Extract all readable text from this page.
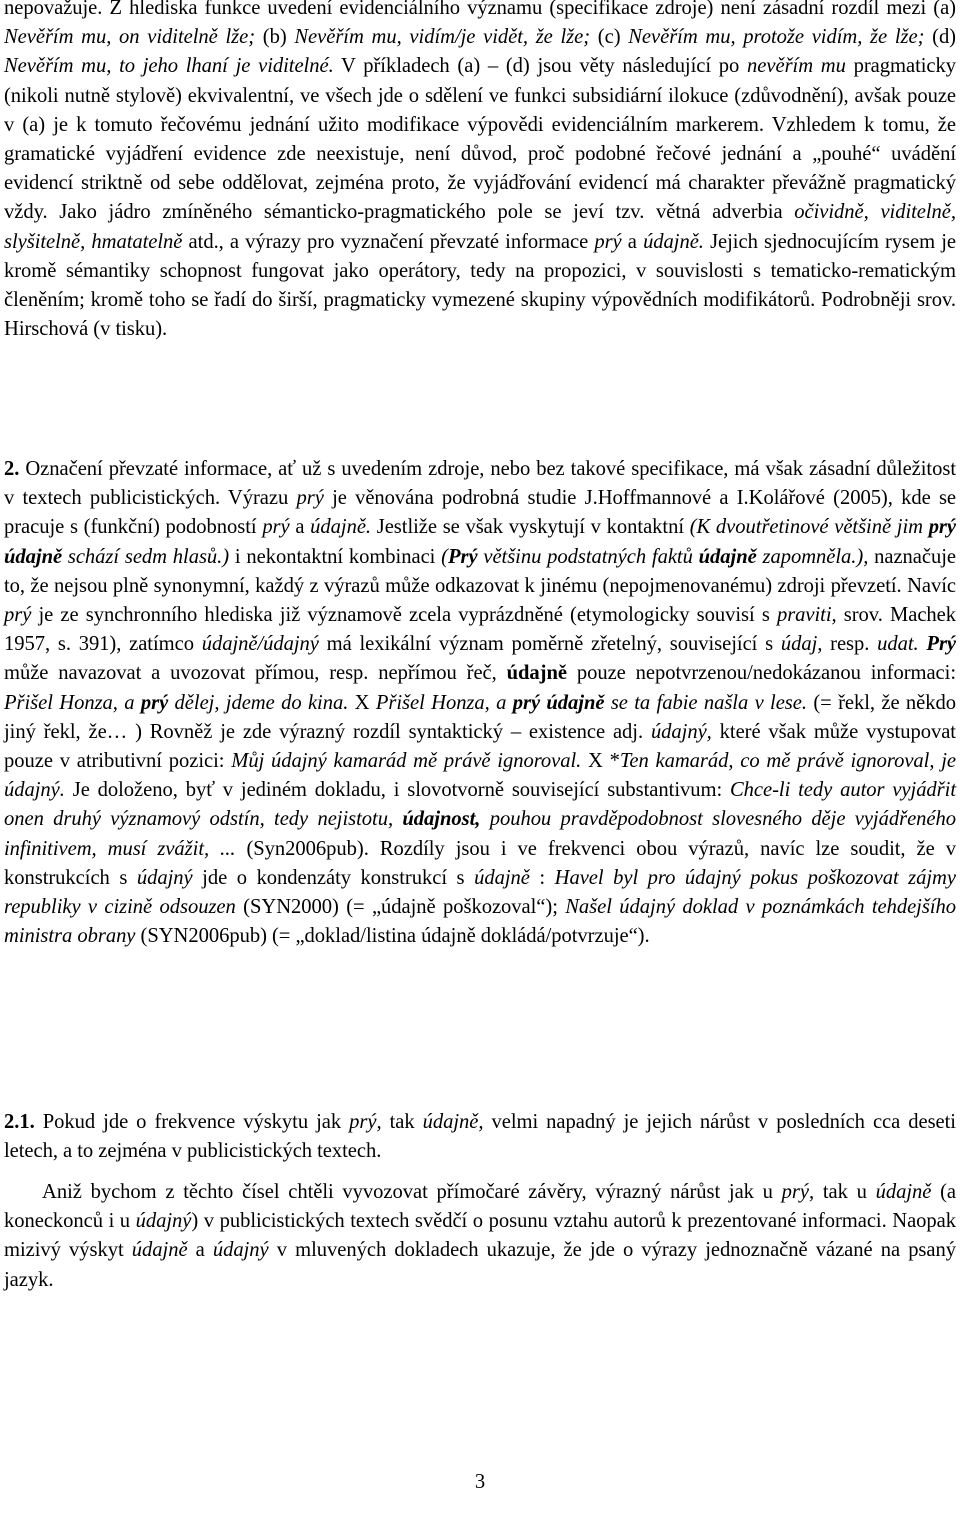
nepovažuje. Z hlediska funkce uvedení evidenciálního významu (specifikace zdroje) není zásadní rozdíl mezi (a) Nevěřím mu, on viditelně lže; (b) Nevěřím mu, vidím/je vidět, že lže; (c) Nevěřím mu, protože vidím, že lže; (d) Nevěřím mu, to jeho lhaní je viditelné. V příkladech (a) – (d) jsou věty následující po nevěřím mu pragmaticky (nikoli nutně stylově) ekvivalentní, ve všech jde o sdělení ve funkci subsidiární ilokuce (zdůvodnění), avšak pouze v (a) je k tomuto řečovému jednání užito modifikace výpovědi evidenciálním markerem. Vzhledem k tomu, že gramatické vyjádření evidence zde neexistuje, není důvod, proč podobné řečové jednání a „pouhé“ uvádění evidencí striktně od sebe oddělovat, zejména proto, že vyjádřování evidencí má charakter převážně pragmatický vždy. Jako jádro zmíněného sémanticko-pragmatického pole se jeví tzv. větná adverbia očividně, viditelně, slyšitelně, hmatatelně atd., a výrazy pro vyznačení převzaté informace prý a údajně. Jejich sjednocujícím rysem je kromě sémantiky schopnost fungovat jako operátory, tedy na propozici, v souvislosti s tematicko-rematickým členěním; kromě toho se řadí do širší, pragmaticky vymezené skupiny výpovědních modifikátorů. Podrobněji srov. Hirschová (v tisku).

2. Označení převzaté informace, ať už s uvedením zdroje, nebo bez takové specifikace, má však zásadní důležitost v textech publicistických. Výrazu prý je věnována podrobná studie J.Hoffmannové a I.Kolářové (2005), kde se pracuje s (funkční) podobností prý a údajně. Jestliže se však vyskytují v kontaktní (K dvoutřetinové většině jim prý údajně schází sedm hlasů.) i nekontaktní kombinaci (Prý většinu podstatných faktů údajně zapomněla.), naznačuje to, že nejsou plně synonymní, každý z výrazů může odkazovat k jinému (nepojmenovanému) zdroji převzetí. Navíc prý je ze synchronního hlediska již významově zcela vyprázdněné (etymologicky souvisí s praviti, srov. Machek 1957, s. 391), zatímco údajně/údajný má lexikální význam poměrně zřetelný, související s údaj, resp. udat. Prý může navazovat a uvozovat přímou, resp. nepřímou řeč, údajně pouze nepotvrzenou/nedokázanou informaci: Přišel Honza, a prý dělej, jdeme do kina. X Přišel Honza, a prý údajně se ta fabie našla v lese. (= řekl, že někdo jiný řekl, že… ) Rovněž je zde výrazný rozdíl syntaktický – existence adj. údajný, které však může vystupovat pouze v atributivní pozici: Můj údajný kamarád mě právě ignoroval. X *Ten kamarád, co mě právě ignoroval, je údajný. Je doloženo, byť v jediném dokladu, i slovotvorně související substantivum: Chce-li tedy autor vyjádřit onen druhý významový odstín, tedy nejistotu, údajnost, pouhou pravděpodobnost slovesného děje vyjádřeného infinitivem, musí zvážit, ... (Syn2006pub). Rozdíly jsou i ve frekvenci obou výrazů, navíc lze soudit, že v konstrukcích s údajný jde o kondenzáty konstrukcí s údajně : Havel byl pro údajný pokus poškozovat zájmy republiky v cizině odsouzen (SYN2000) (= „údajně poškozoval“); Našel údajný doklad v poznámkách tehdejšího ministra obrany (SYN2006pub) (= „doklad/listina údajně dokládá/potvrzuje“).

2.1. Pokud jde o frekvence výskytu jak prý, tak údajně, velmi napadný je jejich nárůst v posledních cca deseti letech, a to zejména v publicistických textech.

Aniž bychom z těchto čísel chtěli vyvozovat přímočaré závěry, výrazný nárůst jak u prý, tak u údajně (a koneckonců i u údajný) v publicistických textech svědčí o posunu vztahu autorů k prezentované informaci. Naopak mizivý výskyt údajně a údajný v mluvených dokladech ukazuje, že jde o výrazy jednoznačně vázané na psaný jazyk.

3
